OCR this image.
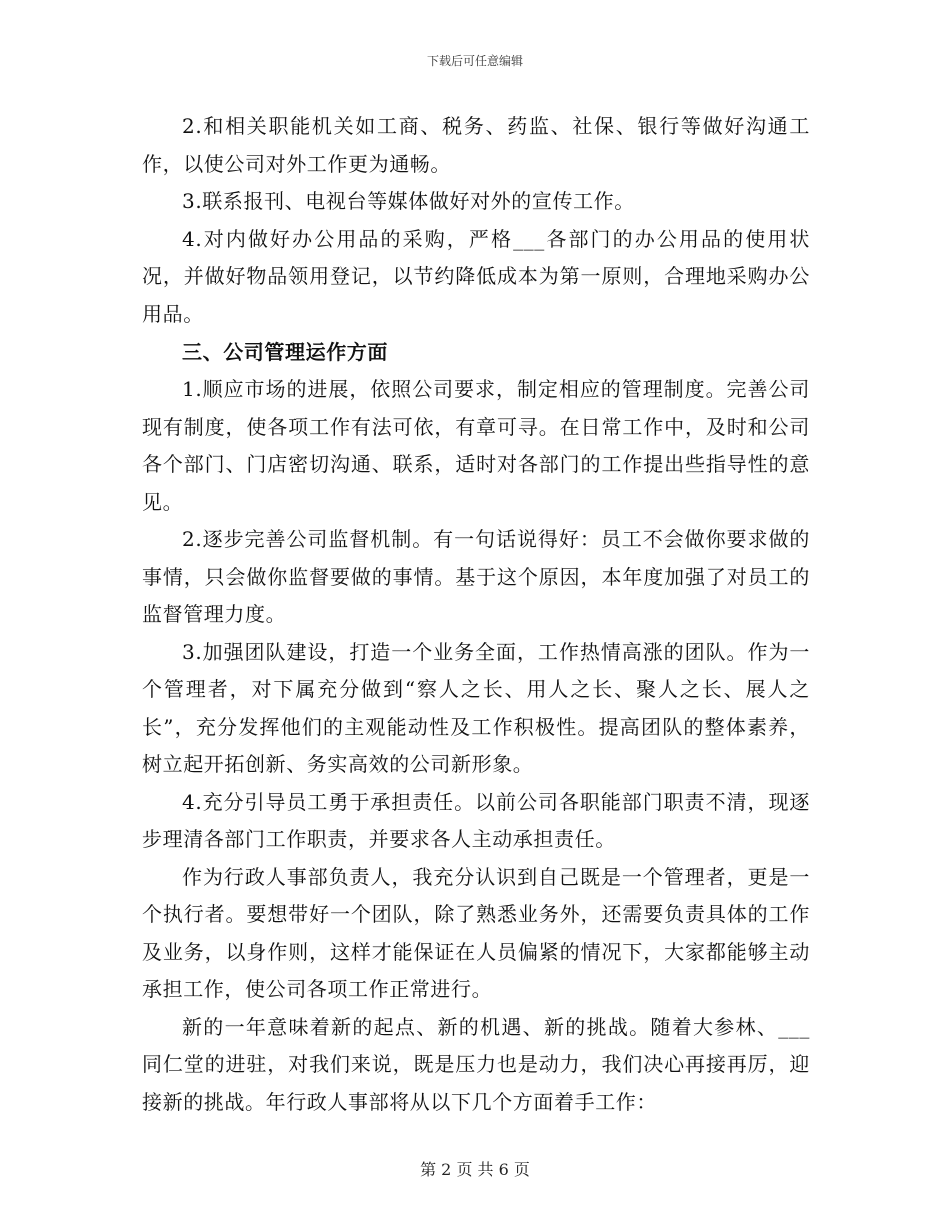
下载后可任意编辑

2.和相关职能机关如工商、税务、药监、社保、银行等做好沟通工作，以使公司对外工作更为通畅。

3.联系报刊、电视台等媒体做好对外的宣传工作。

4.对内做好办公用品的采购，严格___各部门的办公用品的使用状况，并做好物品领用登记，以节约降低成本为第一原则，合理地采购办公用品。

三、公司管理运作方面

1.顺应市场的进展，依照公司要求，制定相应的管理制度。完善公司现有制度，使各项工作有法可依，有章可寻。在日常工作中，及时和公司各个部门、门店密切沟通、联系，适时对各部门的工作提出些指导性的意见。

2.逐步完善公司监督机制。有一句话说得好：员工不会做你要求做的事情，只会做你监督要做的事情。基于这个原因，本年度加强了对员工的监督管理力度。

3.加强团队建设，打造一个业务全面，工作热情高涨的团队。作为一个管理者，对下属充分做到“察人之长、用人之长、聚人之长、展人之长”，充分发挥他们的主观能动性及工作积极性。提高团队的整体素养，树立起开拓创新、务实高效的公司新形象。

4.充分引导员工勇于承担责任。以前公司各职能部门职责不清，现逐步理清各部门工作职责，并要求各人主动承担责任。

作为行政人事部负责人，我充分认识到自己既是一个管理者，更是一个执行者。要想带好一个团队，除了熟悉业务外，还需要负责具体的工作及业务，以身作则，这样才能保证在人员偏紧的情况下，大家都能够主动承担工作，使公司各项工作正常进行。

新的一年意味着新的起点、新的机遇、新的挑战。随着大参林、___同仁堂的进驻，对我们来说，既是压力也是动力，我们决心再接再厉，迎接新的挑战。年行政人事部将从以下几个方面着手工作：

第 2 页 共 6 页
